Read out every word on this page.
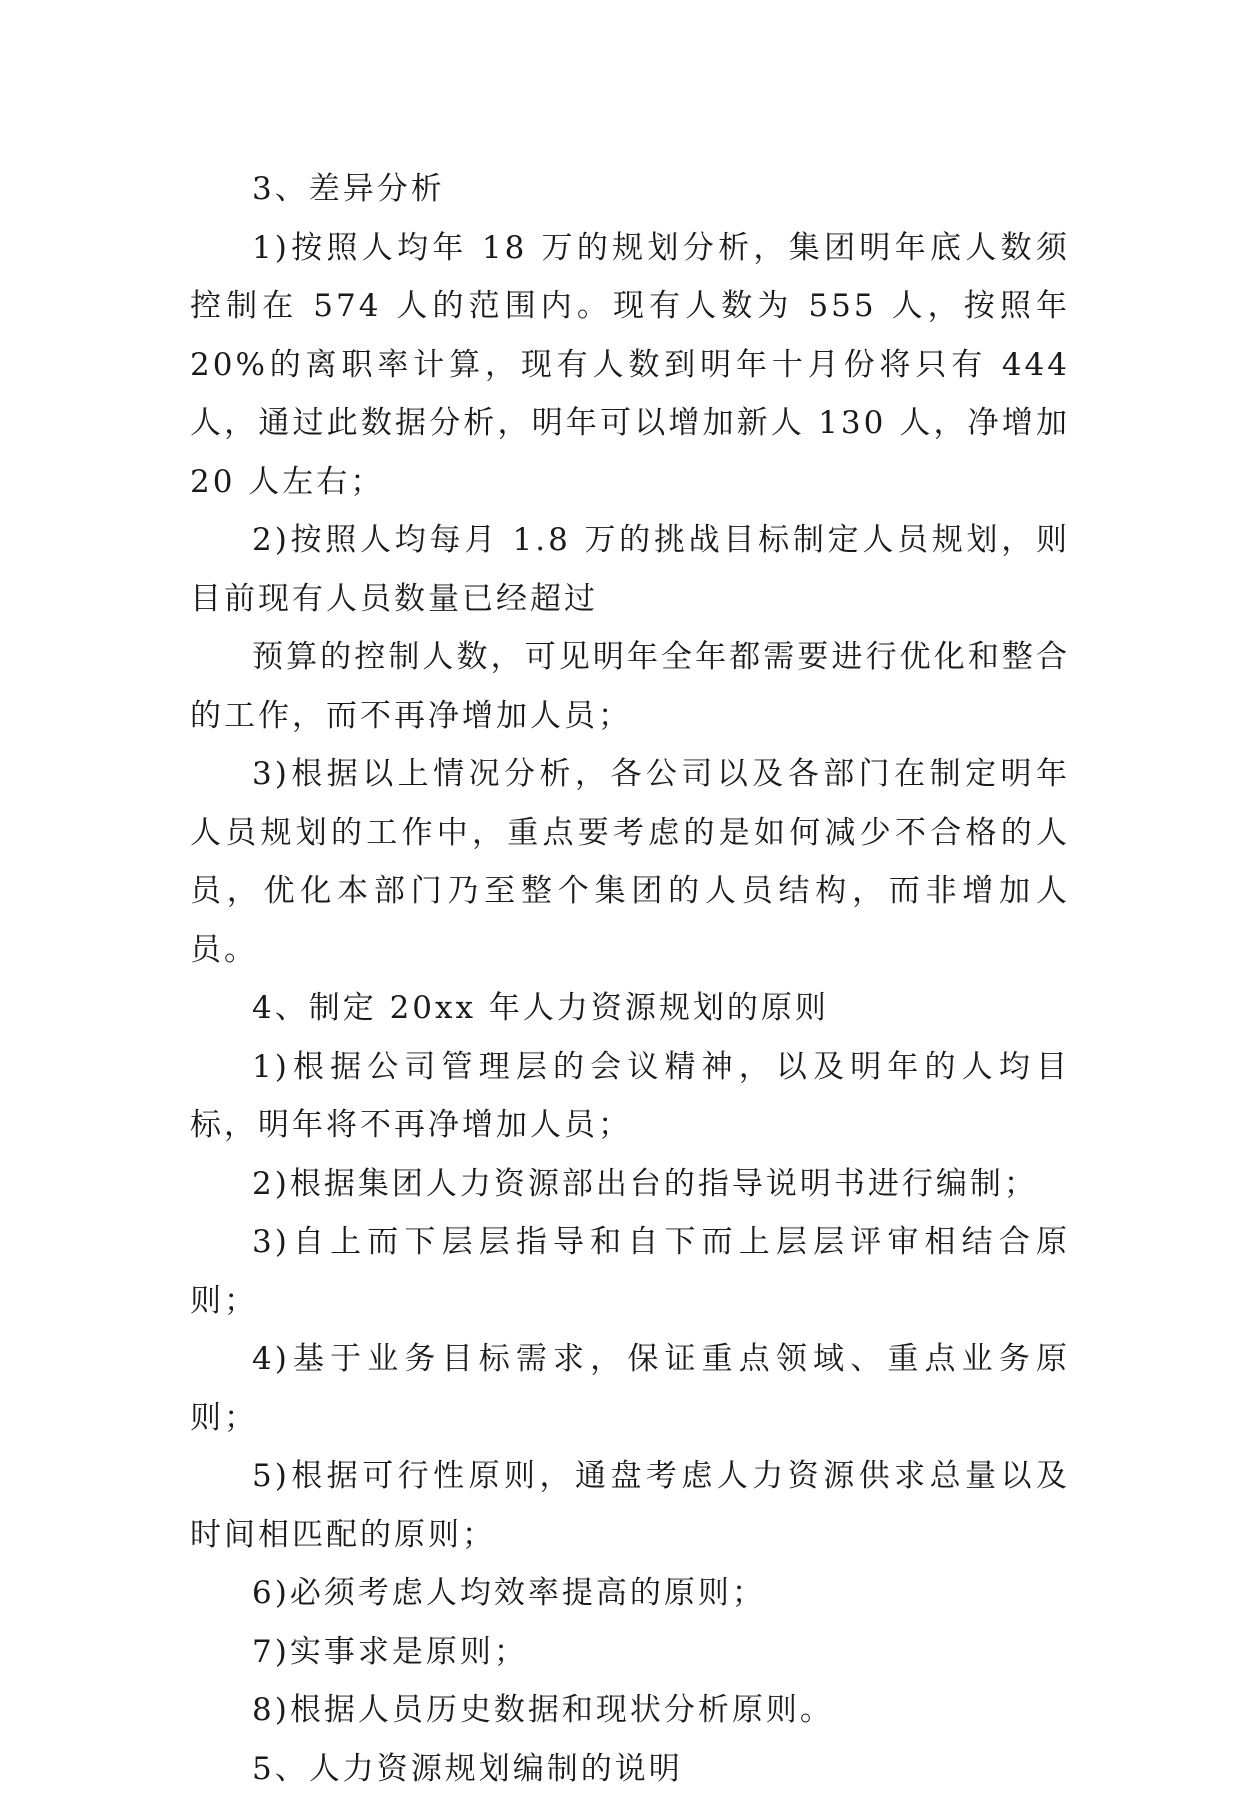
3、差异分析

1)按照人均年 18 万的规划分析，集团明年底人数须控制在 574 人的范围内。现有人数为 555 人，按照年 20%的离职率计算，现有人数到明年十月份将只有 444 人，通过此数据分析，明年可以增加新人 130 人，净增加 20 人左右；

2)按照人均每月 1.8 万的挑战目标制定人员规划，则目前现有人员数量已经超过

预算的控制人数，可见明年全年都需要进行优化和整合的工作，而不再净增加人员；

3)根据以上情况分析，各公司以及各部门在制定明年人员规划的工作中，重点要考虑的是如何减少不合格的人员，优化本部门乃至整个集团的人员结构，而非增加人员。

4、制定 20xx 年人力资源规划的原则

1)根据公司管理层的会议精神，以及明年的人均目标，明年将不再净增加人员；

2)根据集团人力资源部出台的指导说明书进行编制；

3)自上而下层层指导和自下而上层层评审相结合原则；

4)基于业务目标需求，保证重点领域、重点业务原则；

5)根据可行性原则，通盘考虑人力资源供求总量以及时间相匹配的原则；

6)必须考虑人均效率提高的原则；

7)实事求是原则；

8)根据人员历史数据和现状分析原则。

5、人力资源规划编制的说明
